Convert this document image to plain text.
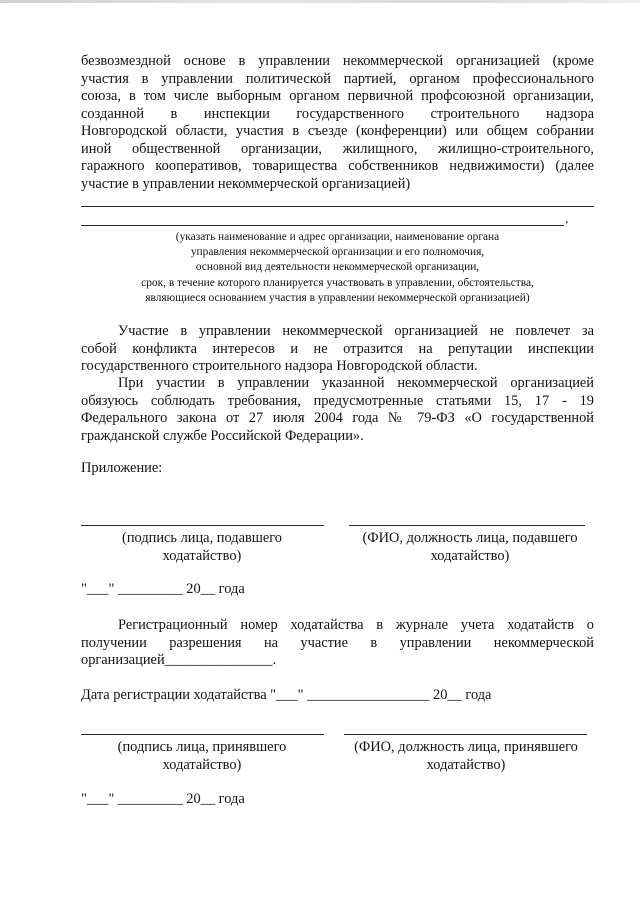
безвозмездной основе в управлении некоммерческой организацией (кроме
участия в управлении политической партией, органом профессионального
союза, в том числе выборным органом первичной профсоюзной организации,
созданной в инспекции государственного строительного надзора
Новгородской области, участия в съезде (конференции) или общем собрании
иной общественной организации, жилищного, жилищно-строительного,
гаражного кооперативов, товарищества собственников недвижимости) (далее
участие в управлении некоммерческой организацией)
.
(указать наименование и адрес организации, наименование органа
управления некоммерческой организации и его полномочия,
основной вид деятельности некоммерческой организации,
срок, в течение которого планируется участвовать в управлении, обстоятельства,
являющиеся основанием участия в управлении некоммерческой организацией)
Участие в управлении некоммерческой организацией не повлечет за
собой конфликта интересов и не отразится на репутации инспекции
государственного строительного надзора Новгородской области.
При участии в управлении указанной некоммерческой организацией
обязуюсь соблюдать требования, предусмотренные статьями 15, 17 - 19
Федерального закона от 27 июля 2004 года № 79-ФЗ «О государственной
гражданской службе Российской Федерации».
Приложение:
(подпись лица, подавшего
ходатайство)
(ФИО, должность лица, подавшего
ходатайство)
"___" _________ 20__ года
Регистрационный номер ходатайства в журнале учета ходатайств о
получении разрешения на участие в управлении некоммерческой
организацией_______________.
Дата регистрации ходатайства "___" _________________ 20__ года
(подпись лица, принявшего
ходатайство)
(ФИО, должность лица, принявшего
ходатайство)
"___" _________ 20__ года
